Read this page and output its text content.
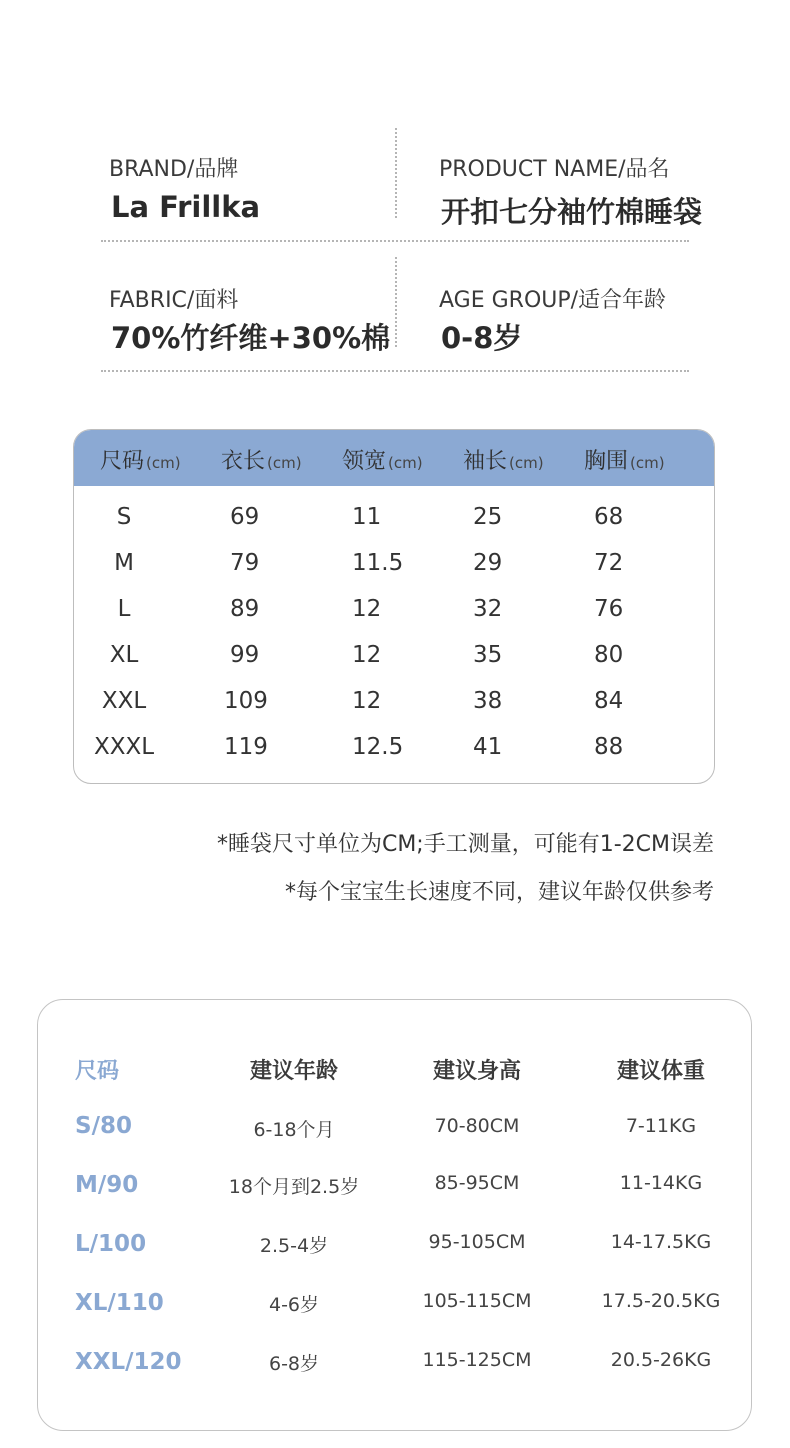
BRAND/品牌
La Frillka
PRODUCT NAME/品名
开扣七分袖竹棉睡袋
FABRIC/面料
70%竹纤维+30%棉
AGE GROUP/适合年龄
0-8岁
尺码 (cm) 衣长 (cm) 领宽 (cm) 袖长 (cm) 胸围 (cm)
S	69	11	25	68
M	79	11.5	29	72
L	89	12	32	76
XL	99	12	35	80
XXL	109	12	38	84
XXXL	119	12.5	41	88
*睡袋尺寸单位为CM;手工测量，可能有1-2CM误差
*每个宝宝生长速度不同，建议年龄仅供参考
尺码	建议年龄	建议身高	建议体重
S/80	6-18个月	70-80CM	7-11KG
M/90	18个月到2.5岁	85-95CM	11-14KG
L/100	2.5-4岁	95-105CM	14-17.5KG
XL/110	4-6岁	105-115CM	17.5-20.5KG
XXL/120	6-8岁	115-125CM	20.5-26KG
